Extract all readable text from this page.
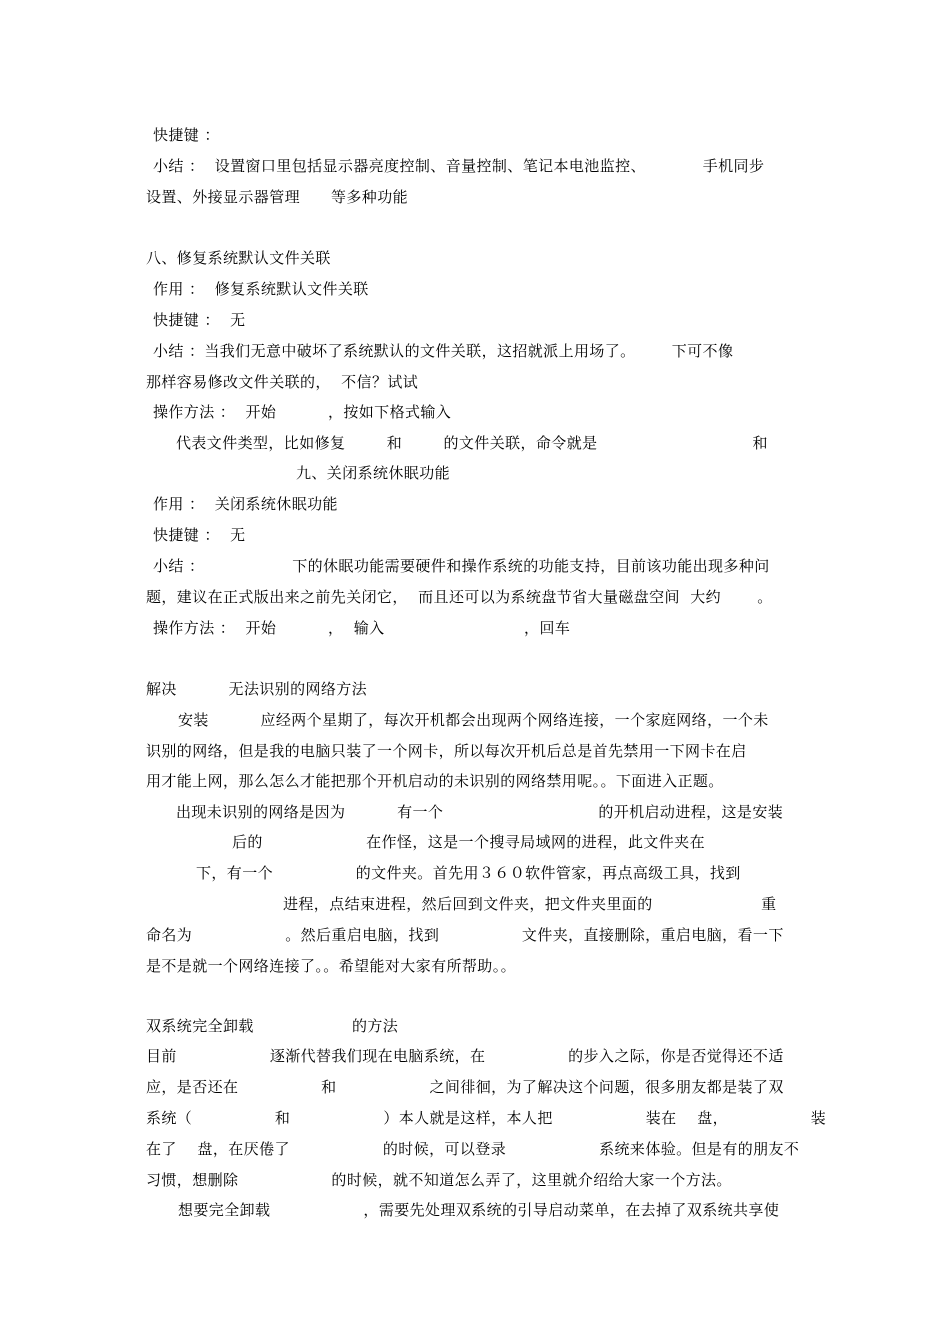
快捷键 ：
小结 ：  设置窗口里包括显示器亮度控制、音量控制、笔记本电池监控、           手机同步
设置、外接显示器管理      等多种功能
八、修复系统默认文件关联
作用 ：  修复系统默认文件关联
快捷键 ：  无
小结 ：当我们无意中破坏了系统默认的文件关联，这招就派上用场了。       下可不像
那样容易修改文件关联的，  不信？试试
操作方法 ：  开始          ，按如下格式输入
代表文件类型，比如修复        和        的文件关联，命令就是                              和
九、关闭系统休眠功能
作用 ：  关闭系统休眠功能
快捷键 ：  无
小结 ：                 下的休眠功能需要硬件和操作系统的功能支持，目前该功能出现多种问
题，建议在正式版出来之前先关闭它，  而且还可以为系统盘节省大量磁盘空间  大约       。
操作方法 ：  开始          ，  输入                           ，回车
解决          无法识别的网络方法
安装          应经两个星期了，每次开机都会出现两个网络连接，一个家庭网络，一个未
识别的网络，但是我的电脑只装了一个网卡，所以每次开机后总是首先禁用一下网卡在启
用才能上网，那么怎么才能把那个开机启动的未识别的网络禁用呢。。下面进入正题。
出现未识别的网络是因为          有一个                              的开机启动进程，这是安装
后的                    在作怪，这是一个搜寻局域网的进程，此文件夹在
下，有一个                的文件夹。首先用３６０软件管家，再点高级工具，找到
进程，点结束进程，然后回到文件夹，把文件夹里面的                     重
命名为                  。然后重启电脑，找到                文件夹，直接删除，重启电脑，看一下
是不是就一个网络连接了。。希望能对大家有所帮助。。
双系统完全卸载                   的方法
目前                  逐渐代替我们现在电脑系统，在                的步入之际，你是否觉得还不适
应，是否还在                和                  之间徘徊，为了解决这个问题，很多朋友都是装了双
系统（                和                  ）本人就是这样，本人把                  装在    盘，                装
在了    盘，在厌倦了                  的时候，可以登录                  系统来体验。但是有的朋友不
习惯，想删除                  的时候，就不知道怎么弄了，这里就介绍给大家一个方法。
想要完全卸载                  ，需要先处理双系统的引导启动菜单，在去掉了双系统共享使
